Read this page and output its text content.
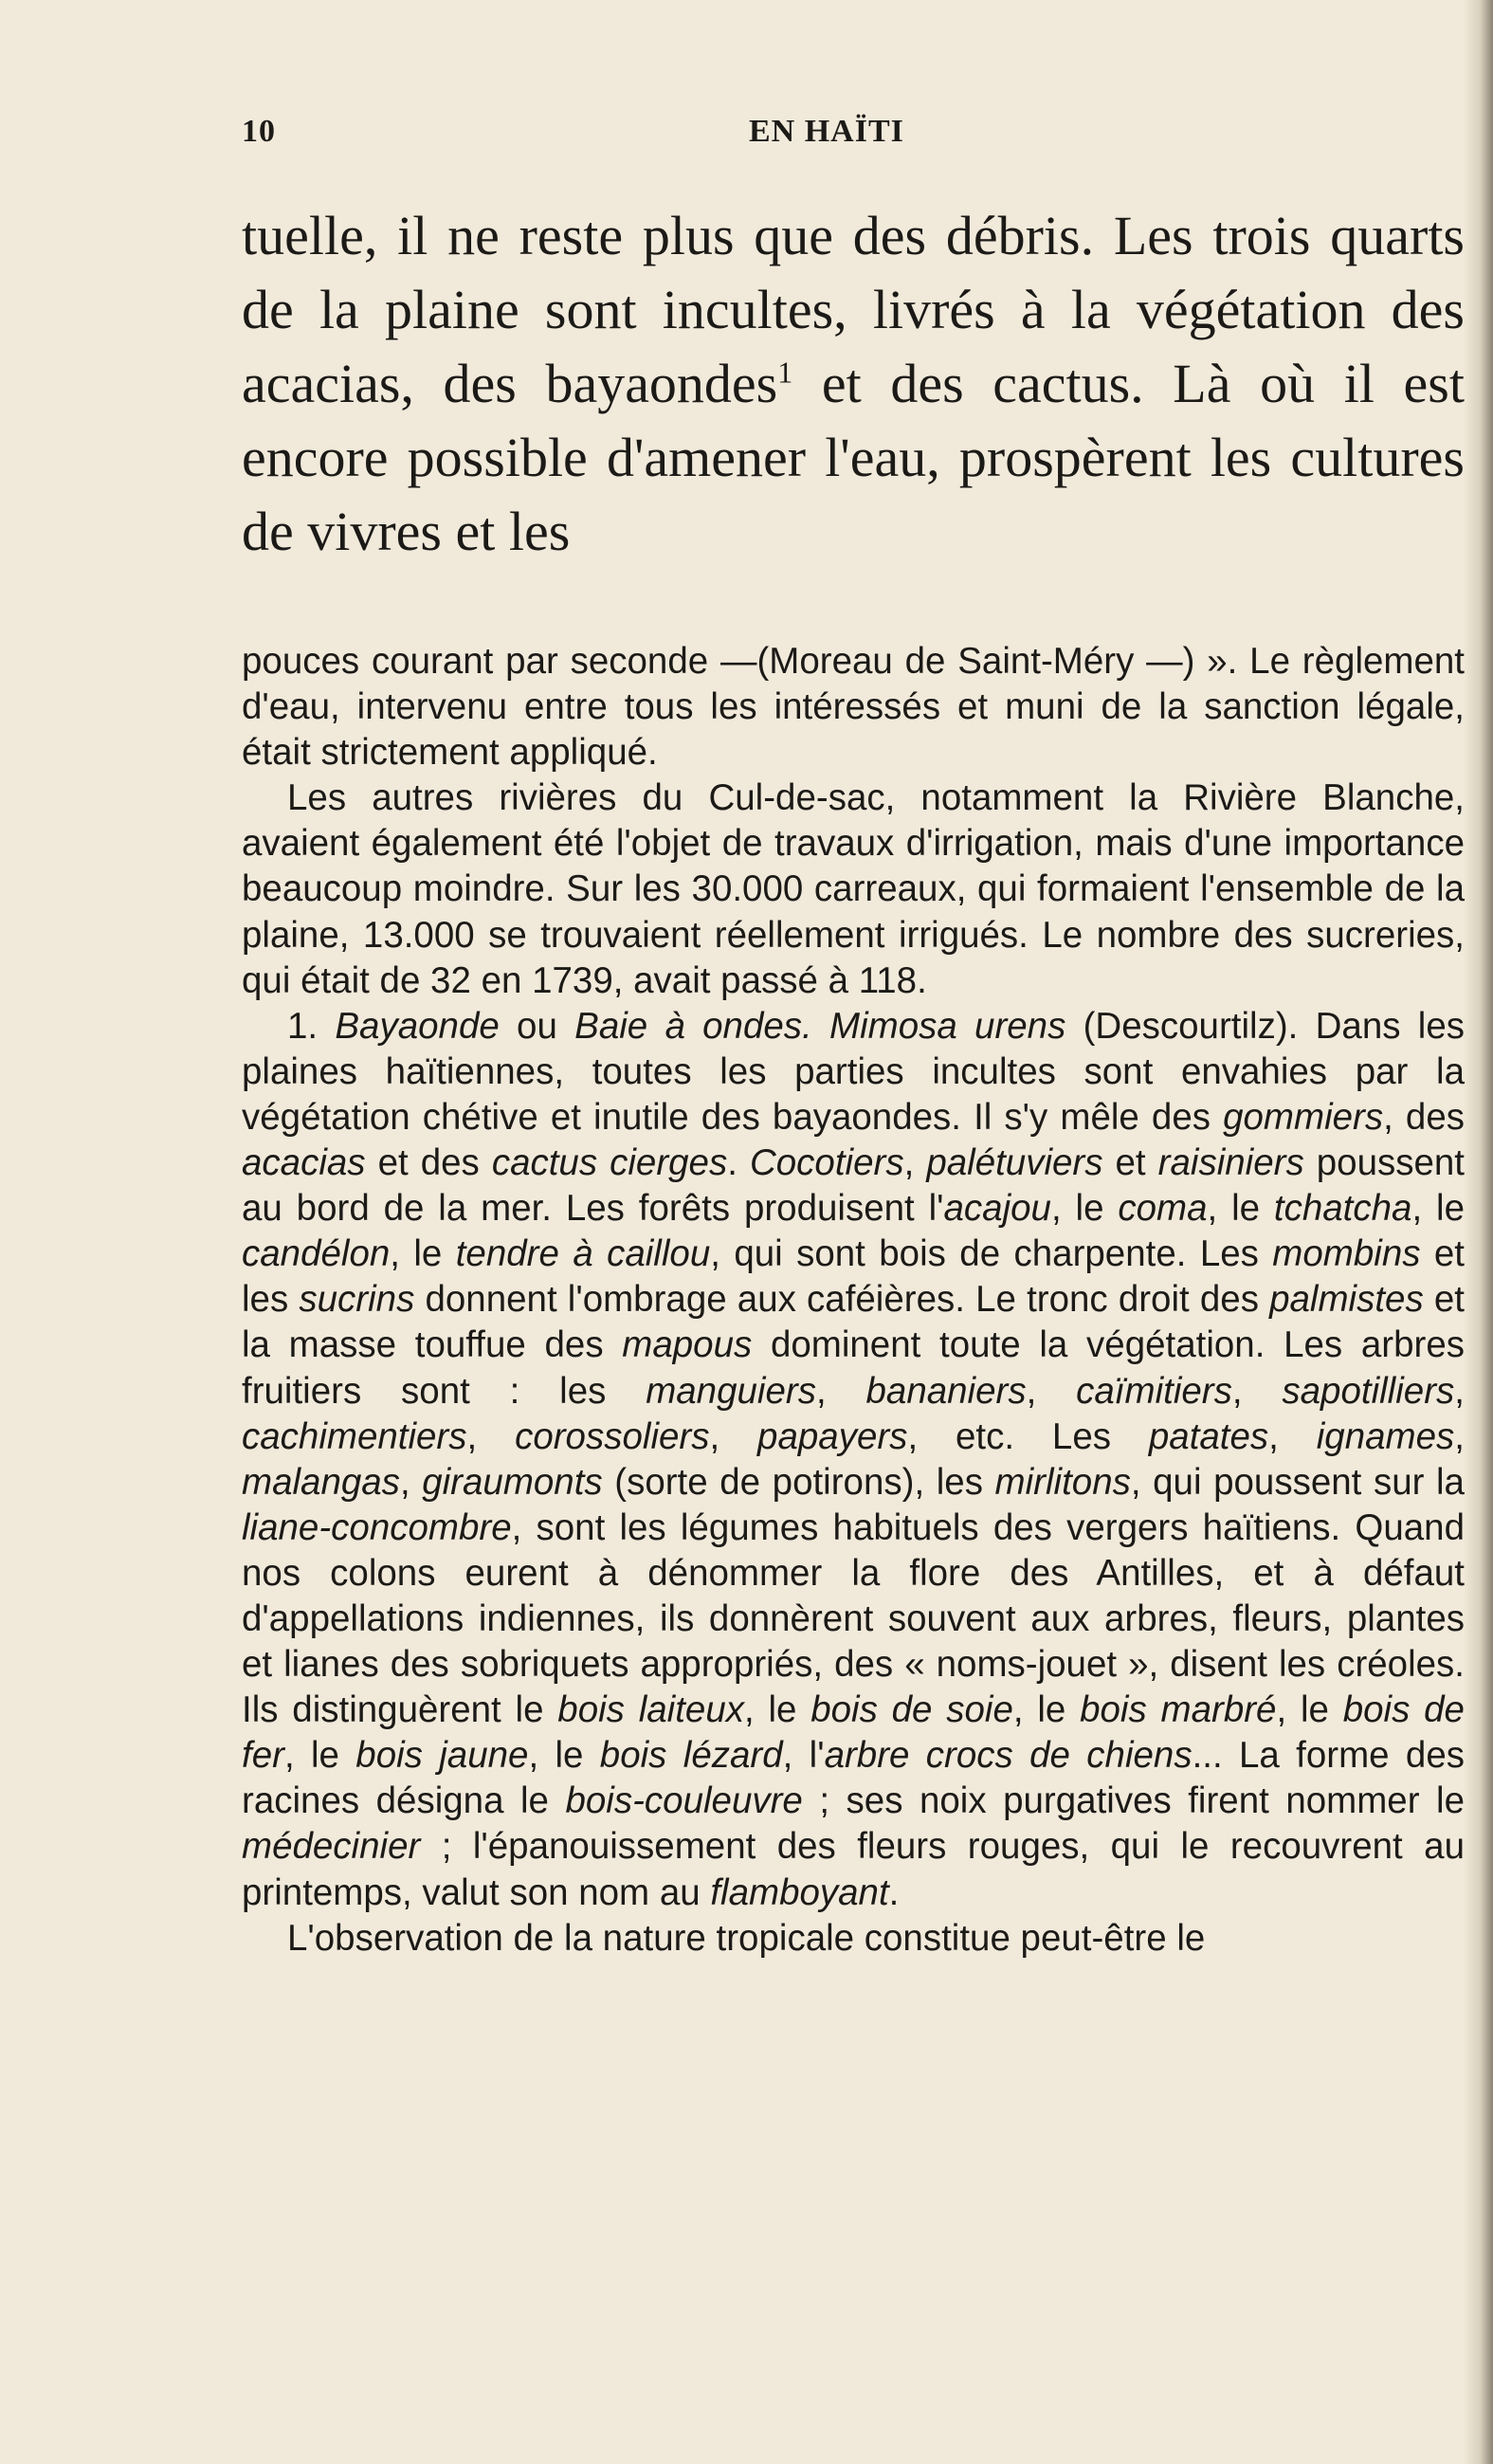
10	EN HAÏTI

tuelle, il ne reste plus que des débris. Les trois quarts de la plaine sont incultes, livrés à la végétation des acacias, des bayaondes$^1$ et des cactus. Là où il est encore possible d'amener l'eau, prospèrent les cultures de vivres et les

pouces courant par seconde —(Moreau de Saint-Méry —) ». Le règlement d'eau, intervenu entre tous les intéressés et muni de la sanction légale, était strictement appliqué.

Les autres rivières du Cul-de-sac, notamment la Rivière Blanche, avaient également été l'objet de travaux d'irrigation, mais d'une importance beaucoup moindre. Sur les 30.000 carreaux, qui formaient l'ensemble de la plaine, 13.000 se trouvaient réellement irrigués. Le nombre des sucreries, qui était de 32 en 1739, avait passé à 118.

1. Bayaonde ou Baie à ondes. Mimosa urens (Descourtilz). Dans les plaines haïtiennes, toutes les parties incultes sont envahies par la végétation chétive et inutile des bayaondes. Il s'y mêle des gommiers, des acacias et des cactus cierges. Cocotiers, palétuviers et raisiniers poussent au bord de la mer. Les forêts produisent l'acajou, le coma, le tchatcha, le candélon, le tendre à caillou, qui sont bois de charpente. Les mombins et les sucrins donnent l'ombrage aux caféières. Le tronc droit des palmistes et la masse touffue des mapous dominent toute la végétation. Les arbres fruitiers sont : les manguiers, bananiers, caïmitiers, sapotilliers, cachimentiers, corossoliers, papayers, etc. Les patates, ignames, malangas, giraumonts (sorte de potirons), les mirlitons, qui poussent sur la liane-concombre, sont les légumes habituels des vergers haïtiens. Quand nos colons eurent à dénommer la flore des Antilles, et à défaut d'appellations indiennes, ils donnèrent souvent aux arbres, fleurs, plantes et lianes des sobriquets appropriés, des « noms-jouet », disent les créoles. Ils distinguèrent le bois laiteux, le bois de soie, le bois marbré, le bois de fer, le bois jaune, le bois lézard, l'arbre crocs de chiens... La forme des racines désigna le bois-couleuvre ; ses noix purgatives firent nommer le médecinier ; l'épanouissement des fleurs rouges, qui le recouvrent au printemps, valut son nom au flamboyant.

L'observation de la nature tropicale constitue peut-être le
